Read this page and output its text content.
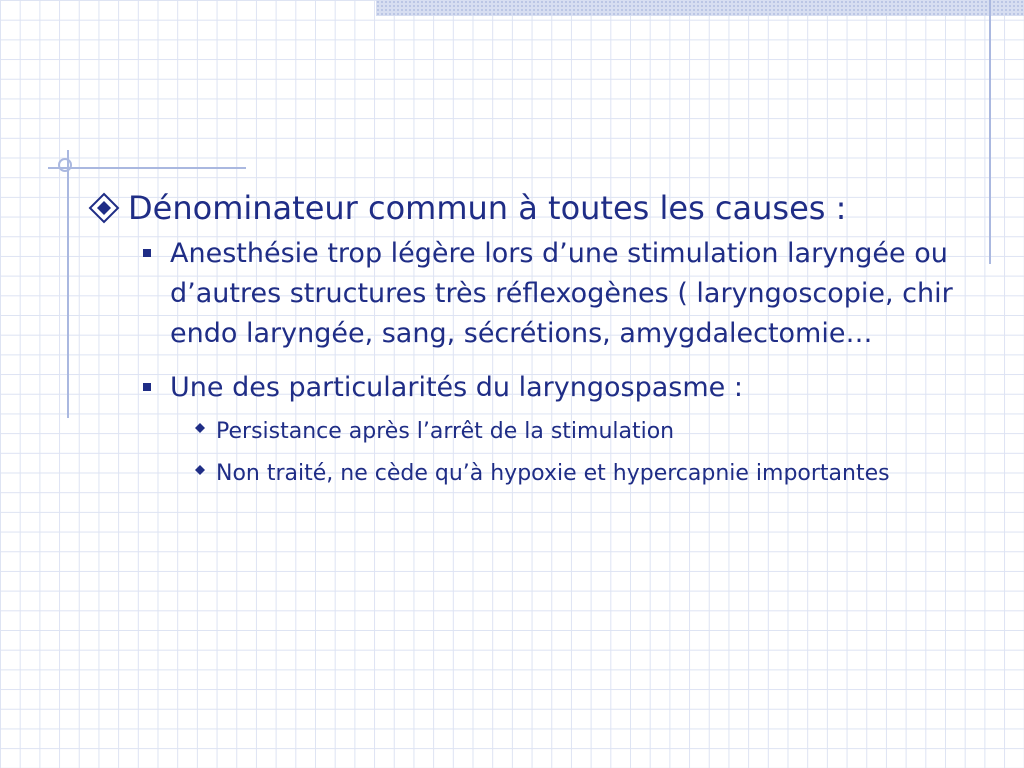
Dénominateur commun à toutes les causes :
Anesthésie trop légère lors d’une stimulation laryngée ou d’autres structures très réflexogènes ( laryngoscopie, chir endo laryngée, sang, sécrétions, amygdalectomie…
Une des particularités du laryngospasme :
Persistance après l’arrêt de la stimulation
Non traité, ne cède qu’à hypoxie et hypercapnie importantes
